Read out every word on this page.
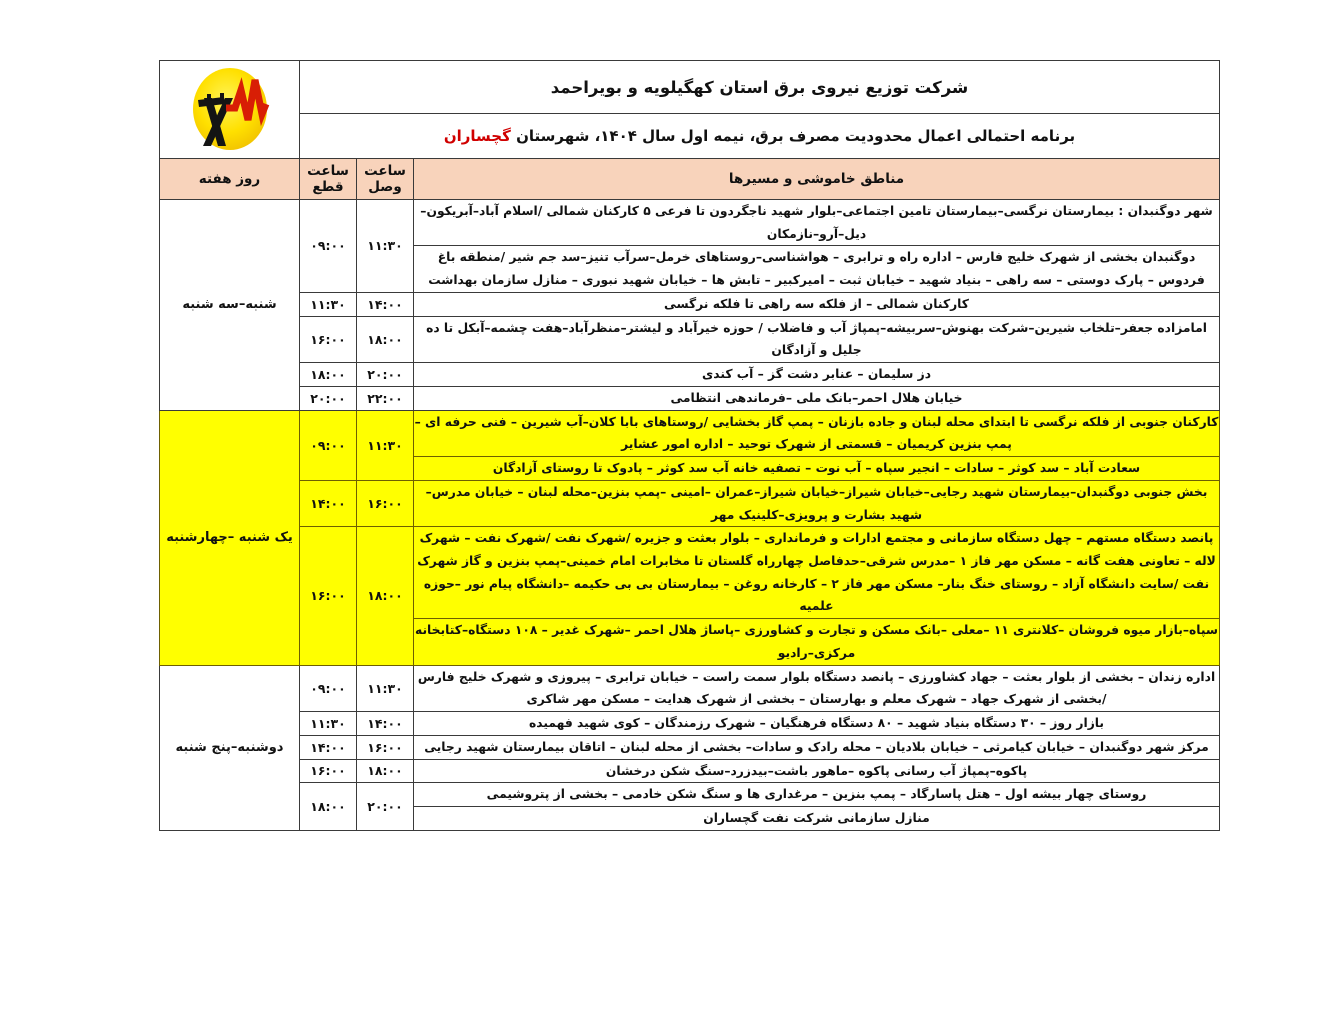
شرکت توزیع نیروی برق استان کهگیلویه و بویراحمد	

برنامه احتمالی اعمال محدودیت مصرف برق، نیمه اول سال ۱۴۰۴، شهرستان گچساران			
مناطق خاموشی و مسیرها	ساعت وصل	ساعت قطع	روز هفته
شهر دوگنبدان : بیمارستان نرگسی–بیمارستان تامین اجتماعی–بلوار شهید ناجگردون تا فرعی ۵ کارکنان شمالی /اسلام آباد–آبریکون–دیل–آرو–نازمکان	۱۱:۳۰	۰۹:۰۰	شنبه–سه شنبه
دوگنبدان بخشی از شهرک خلیج فارس – اداره راه و ترابری – هواشناسی–روستاهای خرمل–سرآب تنیز–سد جم شیر /منطقه باغ فردوس – پارک دوستی – سه راهی – بنیاد شهید – خیابان ثبت – امیرکبیر – تابش ها – خیابان شهید نبوری – منازل سازمان بهداشت			
کارکنان شمالی – از فلکه سه راهی تا فلکه نرگسی	۱۴:۰۰	۱۱:۳۰	
امامزاده جعفر–تلخاب شیرین–شرکت بهنوش–سربیشه–پمپاژ آب و فاضلاب / حوزه خیرآباد و لیشتر–منظرآباد–هفت چشمه–آبکل تا ده جلیل و آزادگان	۱۸:۰۰	۱۶:۰۰	
دز سلیمان – عنابر دشت گز – آب کندی	۲۰:۰۰	۱۸:۰۰	
خیابان هلال احمر–بانک ملی –فرماندهی انتظامی	۲۲:۰۰	۲۰:۰۰	
کارکنان جنوبی از فلکه نرگسی تا ابتدای محله لبنان و جاده بازنان – پمپ گاز بخشایی /روستاهای بابا کلان–آب شیرین – فنی حرفه ای – پمپ بنزین کریمیان – قسمتی از شهرک توحید – اداره امور عشایر	۱۱:۳۰	۰۹:۰۰	یک شنبه –چهارشنبه
سعادت آباد – سد کوثر – سادات – انجیر سپاه – آب نوت – تصفیه خانه آب سد کوثر – پادوک تا روستای آزادگان			
بخش جنوبی دوگنبدان–بیمارستان شهید رجایی–خیابان شیراز–خیابان شیراز–عمران –امینی –پمپ بنزین–محله لبنان – خیابان مدرس–شهید بشارت و پرویزی–کلینیک مهر	۱۶:۰۰	۱۴:۰۰	
پانصد دستگاه مستهم – چهل دستگاه سازمانی و مجتمع ادارات و فرمانداری – بلوار بعثت و جزیره /شهرک نفت /شهرک نفت – شهرک لاله – تعاونی هفت گانه – مسکن مهر فاز ۱ –مدرس شرقی–حدفاصل چهارراه گلستان تا مخابرات امام خمینی–پمپ بنزین و گاز شهرک نفت /سایت دانشگاه آزاد – روستای خنگ بنار– مسکن مهر فاز ۲ – کارخانه روغن – بیمارستان بی بی حکیمه –دانشگاه پیام نور –حوزه علمیه	۱۸:۰۰	۱۶:۰۰	
سپاه–بازار میوه فروشان –کلانتری ۱۱ –معلی –بانک مسکن و تجارت و کشاورزی –پاساژ هلال احمر –شهرک غدیر – ۱۰۸ دستگاه–کتابخانه مرکزی–رادیو			
اداره زندان – بخشی از بلوار بعثت – جهاد کشاورزی – پانصد دستگاه بلوار سمت راست – خیابان ترابری – پیروزی و شهرک خلیج فارس /بخشی از شهرک جهاد – شهرک معلم و بهارستان – بخشی از شهرک هدایت – مسکن مهر شاکری	۱۱:۳۰	۰۹:۰۰	دوشنبه–پنج شنبه
بازار روز – ۳۰ دستگاه بنیاد شهید – ۸۰ دستگاه فرهنگیان – شهرک رزمندگان – کوی شهید فهمیده	۱۴:۰۰	۱۱:۳۰	
مرکز شهر دوگنبدان – خیابان کیامرثی – خیابان بلادیان – محله رادک و سادات– بخشی از محله لبنان – اتاقان بیمارستان شهید رجایی	۱۶:۰۰	۱۴:۰۰	
پاکوه–پمپاژ آب رسانی پاکوه –ماهور باشت–بیدزرد–سنگ شکن درخشان	۱۸:۰۰	۱۶:۰۰	
روستای چهار بیشه اول – هتل پاسارگاد – پمپ بنزین – مرغداری ها و سنگ شکن خادمی – بخشی از پتروشیمی	۲۰:۰۰	۱۸:۰۰	
منازل سازمانی شرکت نفت گچساران			
